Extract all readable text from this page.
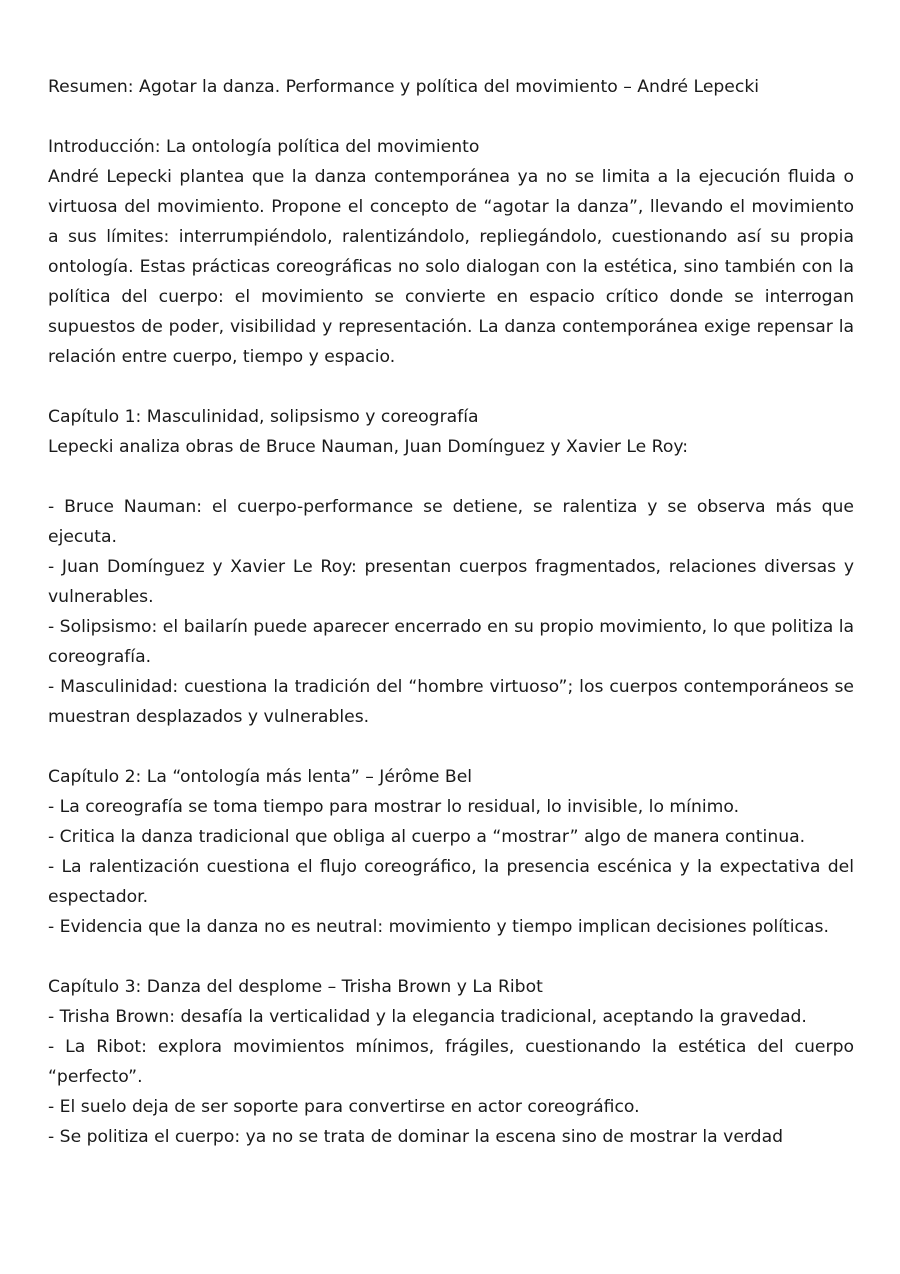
Resumen: Agotar la danza. Performance y política del movimiento – André Lepecki

Introducción: La ontología política del movimiento

André Lepecki plantea que la danza contemporánea ya no se limita a la ejecución fluida o virtuosa del movimiento. Propone el concepto de “agotar la danza”, llevando el movimiento a sus límites: interrumpiéndolo, ralentizándolo, repliegándolo, cuestionando así su propia ontología. Estas prácticas coreográficas no solo dialogan con la estética, sino también con la política del cuerpo: el movimiento se convierte en espacio crítico donde se interrogan supuestos de poder, visibilidad y representación. La danza contemporánea exige repensar la relación entre cuerpo, tiempo y espacio.

Capítulo 1: Masculinidad, solipsismo y coreografía

Lepecki analiza obras de Bruce Nauman, Juan Domínguez y Xavier Le Roy:

- Bruce Nauman: el cuerpo-performance se detiene, se ralentiza y se observa más que ejecuta.

- Juan Domínguez y Xavier Le Roy: presentan cuerpos fragmentados, relaciones diversas y vulnerables.

- Solipsismo: el bailarín puede aparecer encerrado en su propio movimiento, lo que politiza la coreografía.

- Masculinidad: cuestiona la tradición del “hombre virtuoso”; los cuerpos contemporáneos se muestran desplazados y vulnerables.

Capítulo 2: La “ontología más lenta” – Jérôme Bel

- La coreografía se toma tiempo para mostrar lo residual, lo invisible, lo mínimo.

- Critica la danza tradicional que obliga al cuerpo a “mostrar” algo de manera continua.

- La ralentización cuestiona el flujo coreográfico, la presencia escénica y la expectativa del espectador.

- Evidencia que la danza no es neutral: movimiento y tiempo implican decisiones políticas.

Capítulo 3: Danza del desplome – Trisha Brown y La Ribot

- Trisha Brown: desafía la verticalidad y la elegancia tradicional, aceptando la gravedad.

- La Ribot: explora movimientos mínimos, frágiles, cuestionando la estética del cuerpo “perfecto”.

- El suelo deja de ser soporte para convertirse en actor coreográfico.

- Se politiza el cuerpo: ya no se trata de dominar la escena sino de mostrar la verdad
